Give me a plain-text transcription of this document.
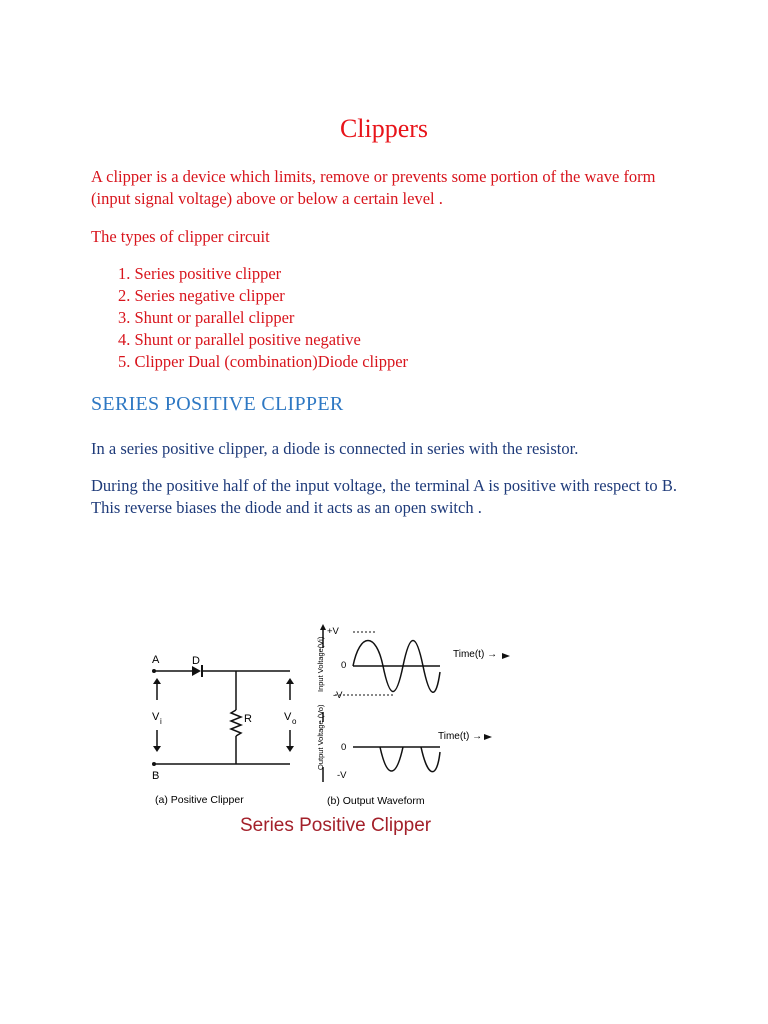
Clippers

A clipper is a device which limits, remove or prevents some portion of the wave form (input signal voltage) above or below a certain level .

The types of clipper circuit

1. Series positive clipper
2. Series negative clipper
3. Shunt or parallel clipper
4. Shunt or parallel positive negative
5. Clipper Dual (combination)Diode clipper
SERIES POSITIVE CLIPPER

In a series positive clipper, a diode is connected in series with the resistor.

During the positive half of the input voltage, the terminal A is positive with respect to B. This reverse biases the diode and it acts as an open switch .

A
B
D
R
V i	V o
(a) Positive Clipper
+V
0
-V
0
-V
Time(t) →
Time(t) →
Input Voltage(Vi)
Output Voltage (Vo)
(b) Output Waveform

Series Positive Clipper
